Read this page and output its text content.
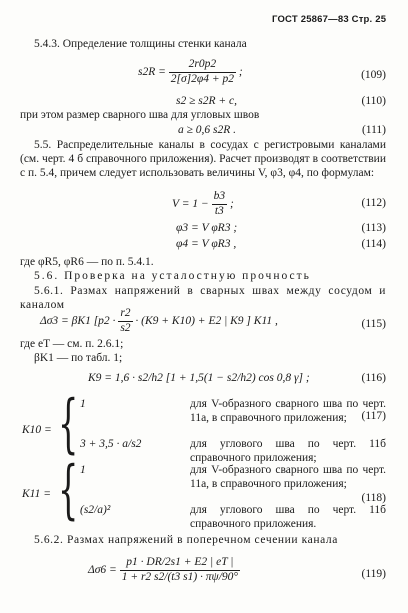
ГОСТ 25867—83 Стр. 25
5.4.3. Определение толщины стенки канала
$s2R = \frac{2r0p2}{2[\sigma]2\varphi 4 + p2}$ ;	(109)
s2 ≥ s2R + c,	(110)
при этом размер сварного шва для угловых швов
a ≥ 0,6 s2R .	(111)
5.5. Распределительные каналы в сосудах с регистровыми каналами (см. черт. 4 б справочного приложения). Расчет производят в соответствии с п. 5.4, причем следует использовать величины V, φ3, φ4, по формулам:
$V = 1 - \frac{b3}{t3}$ ;	(112)
φ3 = V φR3 ;	(113)
φ4 = V φR3 ,	(114)
где φR5, φR6 — по п. 5.4.1.
5.6. Проверка на усталостную прочность
5.6.1. Размах напряжений в сварных швах между сосудом и каналом
Δσ3 = βK1 [$p2 \cdot \frac{r2}{s2} \cdot (K9 + K10) + E2$ | K9 ] K11 ,	(115)
где eT — см. п. 2.6.1;
βK1 — по табл. 1;
K9 = 1,6 · s2/h2 [1 + 1,5(1 − s2/h2) cos 0,8 γ] ;	(116)
K10 = { 1	для V-образного сварного шва по черт. 11а, в справочного приложения;	(117)
3 + 3,5 · a/s2	для углового шва по черт. 11б справочного приложения;
K11 = { 1	для V-образного сварного шва по черт. 11а, в справочного приложения;
(118)
(s2/a)²	для углового шва по черт. 11б справочного приложения.
5.6.2. Размах напряжений в поперечном сечении канала
$\Delta\sigma 6 = \frac{p1 \cdot DR/2s1 + E2 | eT |}{1 + r2 s2/(t3 s1) \cdot \pi\psi/90^\circ}$	(119)
